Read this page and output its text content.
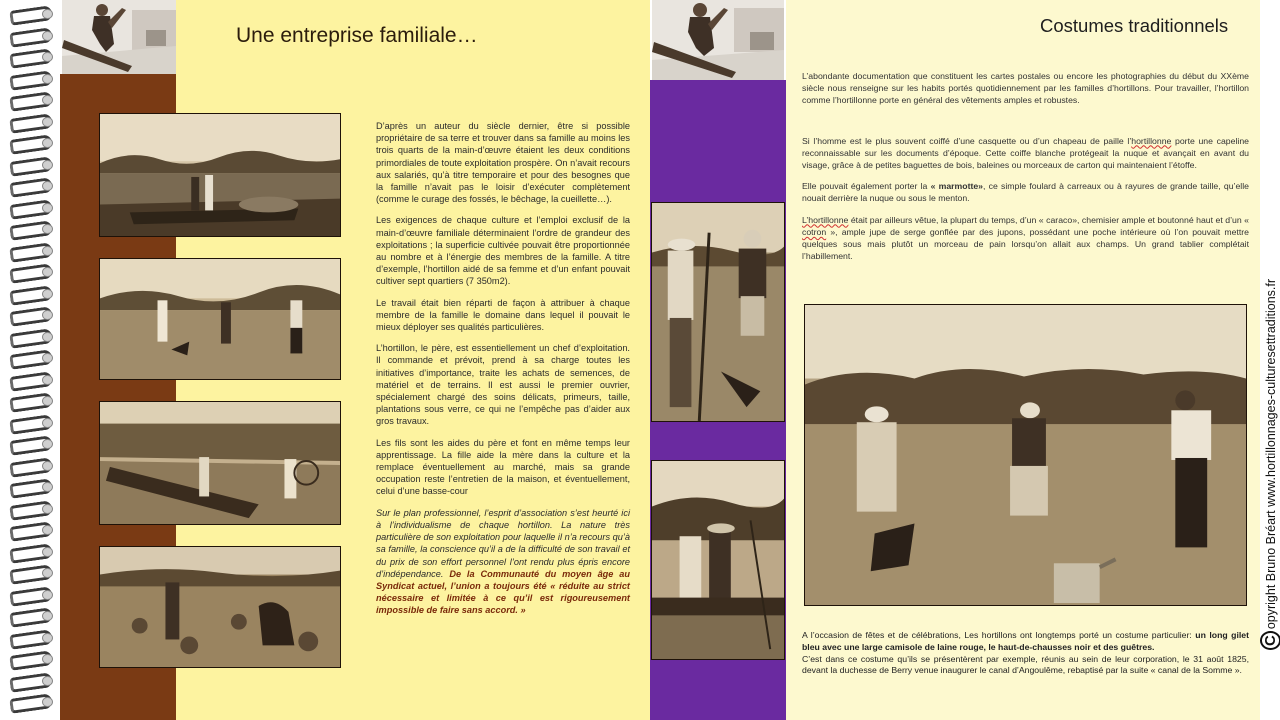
Une entreprise familiale…

D’après un auteur du siècle dernier, être si possible propriétaire de sa terre et trouver dans sa famille au moins les trois quarts de la main-d’œuvre étaient les deux conditions primordiales de toute exploitation prospère. On n’avait recours aux salariés, qu’à titre temporaire et pour des besognes que la famille n’avait pas le loisir d’exécuter complètement (comme le curage des fossés, le bêchage, la cueillette…).

Les exigences de chaque culture et l’emploi exclusif de la main-d’œuvre familiale déterminaient l’ordre de grandeur des exploitations ; la superficie cultivée pouvait être proportionnée au nombre et à l’énergie des membres de la famille. A titre d’exemple, l’hortillon aidé de sa femme et d’un enfant pouvait cultiver sept quartiers (7 350m2).

Le travail était bien réparti de façon à attribuer à chaque membre de la famille le domaine dans lequel il pouvait le mieux déployer ses qualités particulières.

L’hortillon, le père, est essentiellement un chef d’exploitation. Il commande et prévoit, prend à sa charge toutes les initiatives d’importance, traite les achats de semences, de matériel et de terrains. Il est aussi le premier ouvrier, spécialement chargé des soins délicats, primeurs, taille, plantations sous verre, ce qui ne l’empêche pas d’aider aux gros travaux.

Les fils sont les aides du père et font en même temps leur apprentissage. La fille aide la mère dans la culture et la remplace éventuellement au marché, mais sa grande occupation reste l’entretien de la maison, et éventuellement, celui d’une basse-cour

Sur le plan professionnel, l’esprit d’association s’est heurté ici à l’individualisme de chaque hortillon. La nature très particulière de son exploitation pour laquelle il n’a recours qu’à sa famille, la conscience qu’il a de la difficulté de son travail et du prix de son effort personnel l’ont rendu plus épris encore d’indépendance. De la Communauté du moyen âge au Syndicat actuel, l’union a toujours été « réduite au strict nécessaire et limitée à ce qu’il est rigoureusement impossible de faire sans accord. »

Costumes traditionnels

L’abondante documentation que constituent les cartes postales ou encore les photographies du début du XXème siècle nous renseigne sur les habits portés quotidiennement par les familles d’hortillons. Pour travailler, l’hortillon comme l’hortillonne porte en général des vêtements amples et robustes.

Si l’homme est le plus souvent coiffé d’une casquette ou d’un chapeau de paille l’hortillonne porte une capeline reconnaissable sur les documents d’époque. Cette coiffe blanche protégeait la nuque et avançait en avant du visage, grâce à de petites baguettes de bois, baleines ou morceaux de carton qui maintenaient l’étoffe.

Elle pouvait également porter la « marmotte», ce simple foulard à carreaux ou à rayures de grande taille, qu’elle nouait derrière la nuque ou sous le menton.

L’hortillonne était par ailleurs vêtue, la plupart du temps, d’un « caraco», chemisier ample et boutonné haut et d’un « cotron », ample jupe de serge gonflée par des jupons, possédant une poche intérieure où l’on pouvait mettre quelques sous mais plutôt un morceau de pain lorsqu’on allait aux champs. Un grand tablier complétait l’habillement.

A l’occasion de fêtes et de célébrations, Les hortillons ont longtemps porté un costume particulier: un long gilet bleu avec une large camisole de laine rouge, le haut-de-chausses noir et des guêtres.

C’est dans ce costume qu’ils se présentèrent par exemple, réunis au sein de leur corporation, le 31 août 1825, devant la duchesse de Berry venue inaugurer le canal d’Angoulême, rebaptisé par la suite « canal de la Somme ».

Copyright Bruno Bréart www.hortillonnages-culturesettraditions.fr
